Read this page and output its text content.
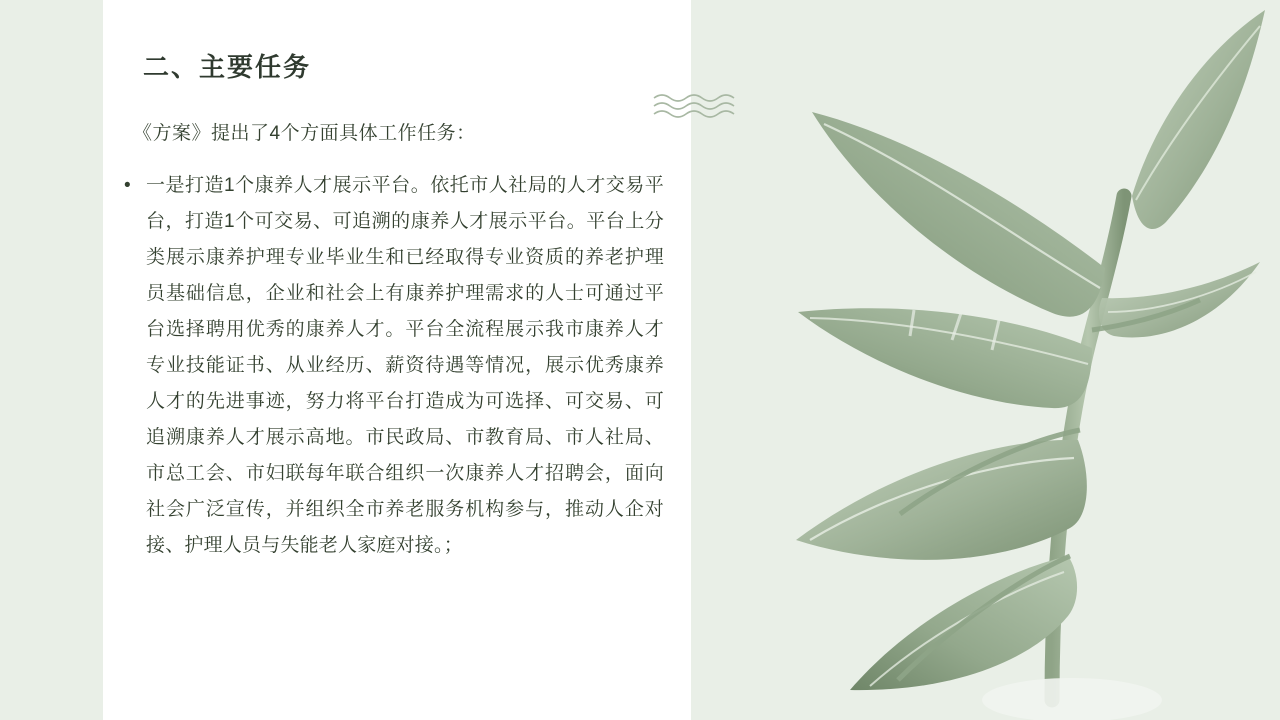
二、主要任务
《方案》提出了4个方面具体工作任务：
• 一是打造1个康养人才展示平台。依托市人社局的人才交易平台，打造1个可交易、可追溯的康养人才展示平台。平台上分类展示康养护理专业毕业生和已经取得专业资质的养老护理员基础信息，企业和社会上有康养护理需求的人士可通过平台选择聘用优秀的康养人才。平台全流程展示我市康养人才专业技能证书、从业经历、薪资待遇等情况，展示优秀康养人才的先进事迹，努力将平台打造成为可选择、可交易、可追溯康养人才展示高地。市民政局、市教育局、市人社局、市总工会、市妇联每年联合组织一次康养人才招聘会，面向社会广泛宣传，并组织全市养老服务机构参与，推动人企对接、护理人员与失能老人家庭对接。；
